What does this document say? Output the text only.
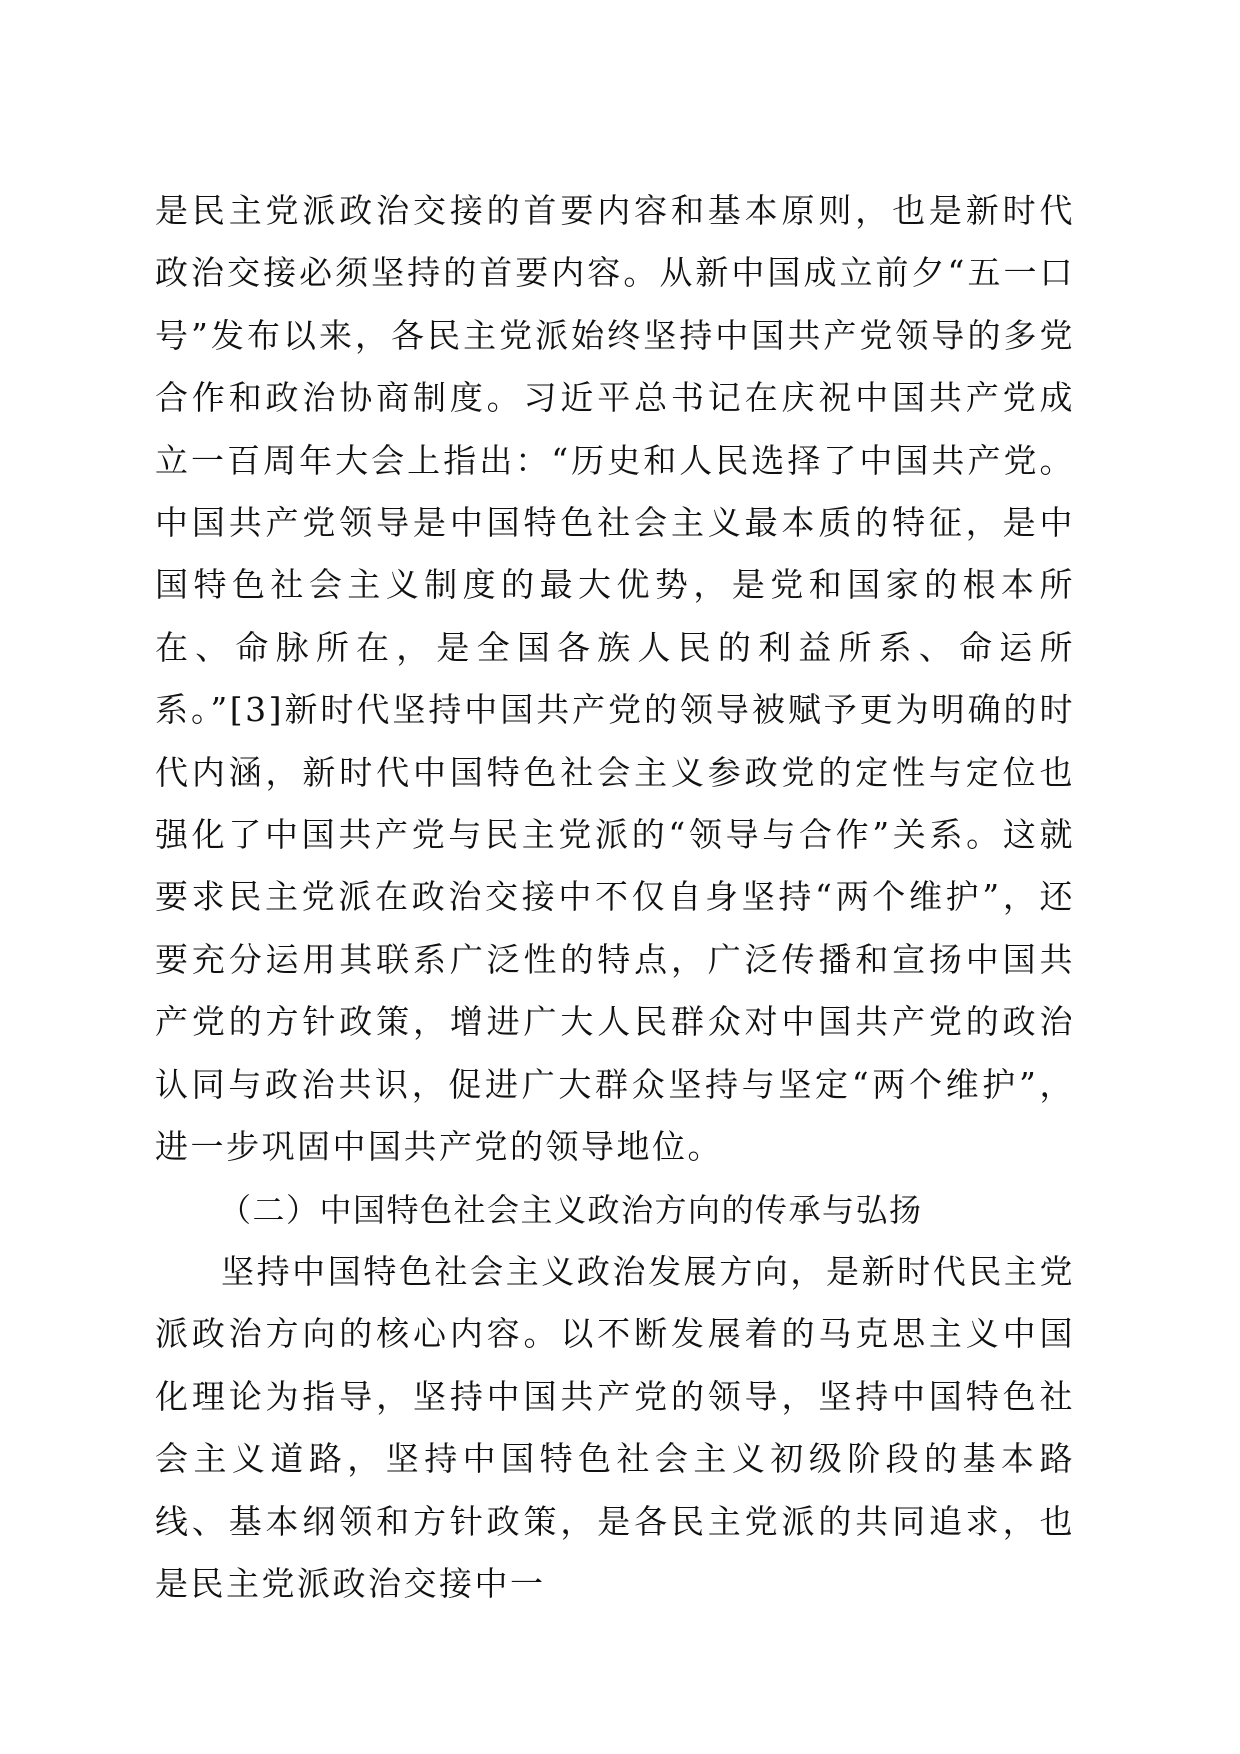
是民主党派政治交接的首要内容和基本原则，也是新时代政治交接必须坚持的首要内容。从新中国成立前夕“五一口号”发布以来，各民主党派始终坚持中国共产党领导的多党合作和政治协商制度。习近平总书记在庆祝中国共产党成立一百周年大会上指出：“历史和人民选择了中国共产党。中国共产党领导是中国特色社会主义最本质的特征，是中国特色社会主义制度的最大优势，是党和国家的根本所在、命脉所在，是全国各族人民的利益所系、命运所系。”[3]新时代坚持中国共产党的领导被赋予更为明确的时代内涵，新时代中国特色社会主义参政党的定性与定位也强化了中国共产党与民主党派的“领导与合作”关系。这就要求民主党派在政治交接中不仅自身坚持“两个维护”，还要充分运用其联系广泛性的特点，广泛传播和宣扬中国共产党的方针政策，增进广大人民群众对中国共产党的政治认同与政治共识，促进广大群众坚持与坚定“两个维护”，进一步巩固中国共产党的领导地位。

（二）中国特色社会主义政治方向的传承与弘扬

坚持中国特色社会主义政治发展方向，是新时代民主党派政治方向的核心内容。以不断发展着的马克思主义中国化理论为指导，坚持中国共产党的领导，坚持中国特色社会主义道路，坚持中国特色社会主义初级阶段的基本路线、基本纲领和方针政策，是各民主党派的共同追求，也是民主党派政治交接中一
